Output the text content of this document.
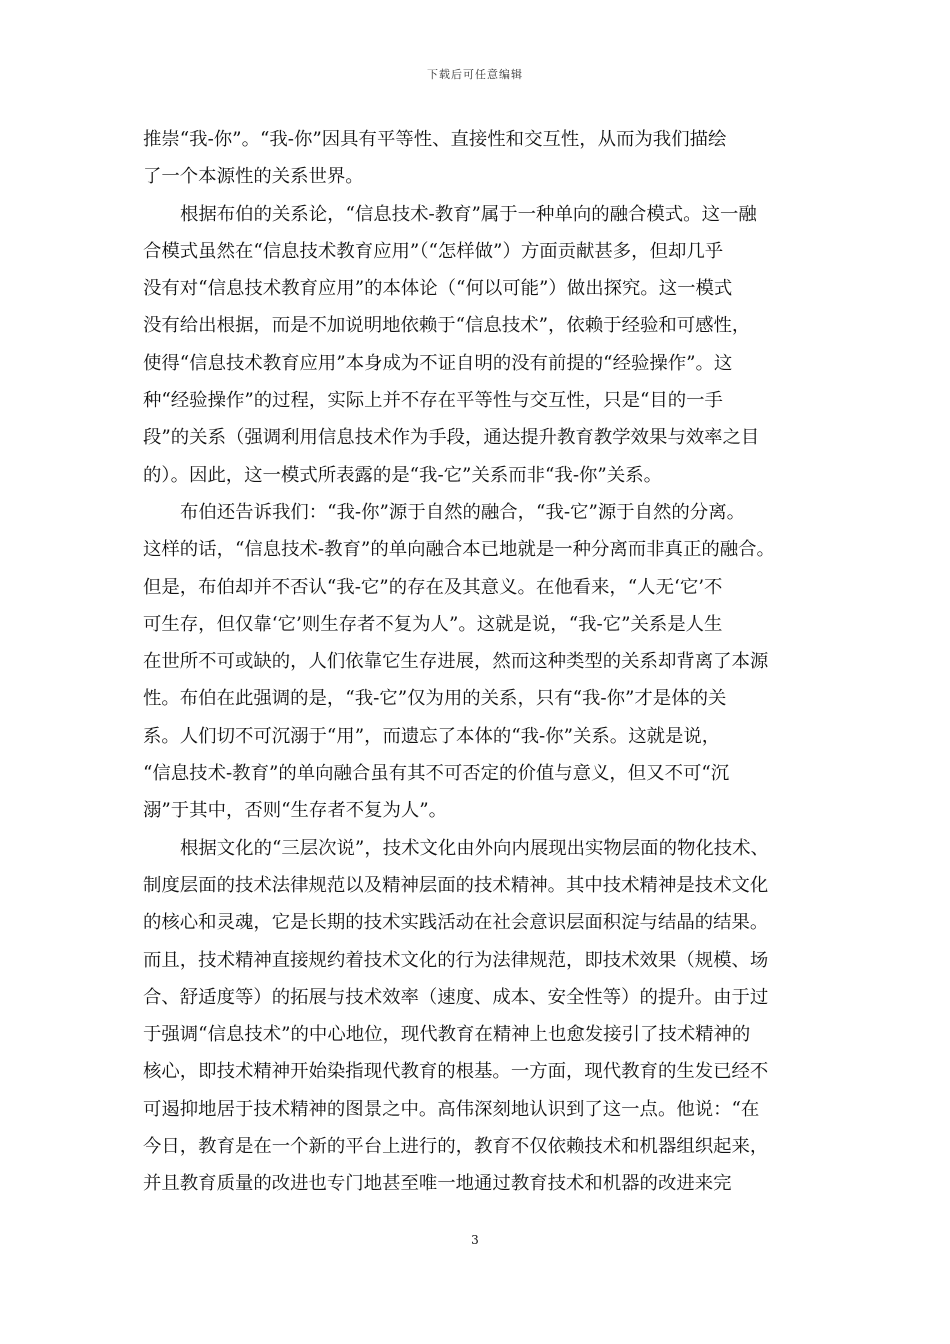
下载后可任意编辑
推崇“我-你”。“我-你”因具有平等性、直接性和交互性，从而为我们描绘
了一个本源性的关系世界。
根据布伯的关系论，“信息技术-教育”属于一种单向的融合模式。这一融
合模式虽然在“信息技术教育应用”（“怎样做”）方面贡献甚多，但却几乎
没有对“信息技术教育应用”的本体论（“何以可能”）做出探究。这一模式
没有给出根据，而是不加说明地依赖于“信息技术”，依赖于经验和可感性，
使得“信息技术教育应用”本身成为不证自明的没有前提的“经验操作”。这
种“经验操作”的过程，实际上并不存在平等性与交互性，只是“目的一手
段”的关系（强调利用信息技术作为手段，通达提升教育教学效果与效率之目
的）。因此，这一模式所表露的是“我-它”关系而非“我-你”关系。
布伯还告诉我们：“我-你”源于自然的融合，“我-它”源于自然的分离。
这样的话，“信息技术-教育”的单向融合本已地就是一种分离而非真正的融合。
但是，布伯却并不否认“我-它”的存在及其意义。在他看来，“人无‘它’不
可生存，但仅靠‘它’则生存者不复为人”。这就是说，“我-它”关系是人生
在世所不可或缺的，人们依靠它生存进展，然而这种类型的关系却背离了本源
性。布伯在此强调的是，“我-它”仅为用的关系，只有“我-你”才是体的关
系。人们切不可沉溺于“用”，而遗忘了本体的“我-你”关系。这就是说，
“信息技术-教育”的单向融合虽有其不可否定的价值与意义，但又不可“沉
溺”于其中，否则“生存者不复为人”。
根据文化的“三层次说”，技术文化由外向内展现出实物层面的物化技术、
制度层面的技术法律规范以及精神层面的技术精神。其中技术精神是技术文化
的核心和灵魂，它是长期的技术实践活动在社会意识层面积淀与结晶的结果。
而且，技术精神直接规约着技术文化的行为法律规范，即技术效果（规模、场
合、舒适度等）的拓展与技术效率（速度、成本、安全性等）的提升。由于过
于强调“信息技术”的中心地位，现代教育在精神上也愈发接引了技术精神的
核心，即技术精神开始染指现代教育的根基。一方面，现代教育的生发已经不
可遏抑地居于技术精神的图景之中。高伟深刻地认识到了这一点。他说：“在
今日，教育是在一个新的平台上进行的，教育不仅依赖技术和机器组织起来，
并且教育质量的改进也专门地甚至唯一地通过教育技术和机器的改进来完
3
